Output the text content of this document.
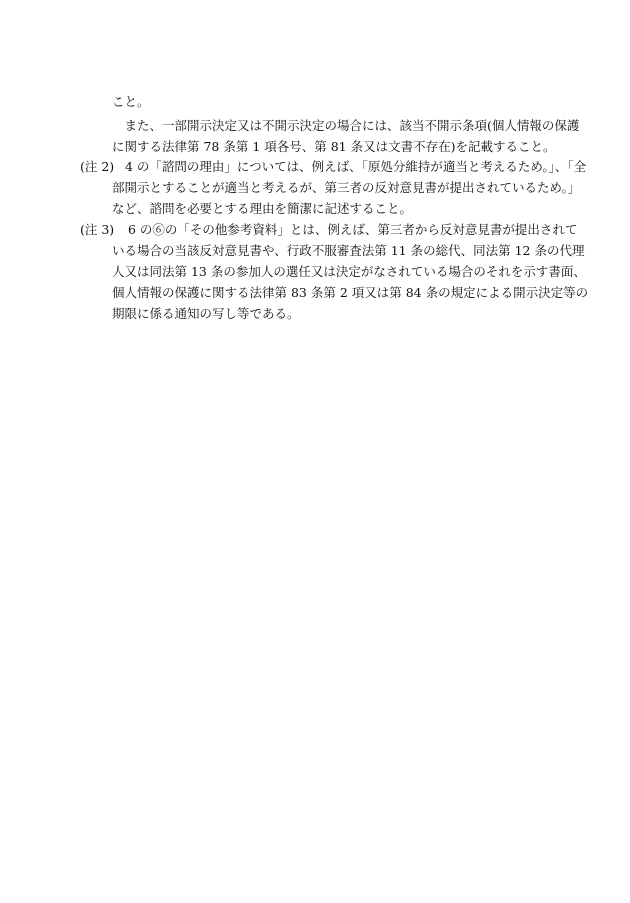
こと。
　また、一部開示決定又は不開示決定の場合には、該当不開示条項(個人情報の保護
に関する法律第 78 条第 1 項各号、第 81 条又は文書不存在)を記載すること。
(注 2) 4 の「諮問の理由」については、例えば、「原処分維持が適当と考えるため。」、「全
部開示とすることが適当と考えるが、第三者の反対意見書が提出されているため。」
など、諮問を必要とする理由を簡潔に記述すること。
(注 3) 6 の⑥の「その他参考資料」とは、例えば、第三者から反対意見書が提出されて
いる場合の当該反対意見書や、行政不服審査法第 11 条の総代、同法第 12 条の代理
人又は同法第 13 条の参加人の選任又は決定がなされている場合のそれを示す書面、
個人情報の保護に関する法律第 83 条第 2 項又は第 84 条の規定による開示決定等の
期限に係る通知の写し等である。
